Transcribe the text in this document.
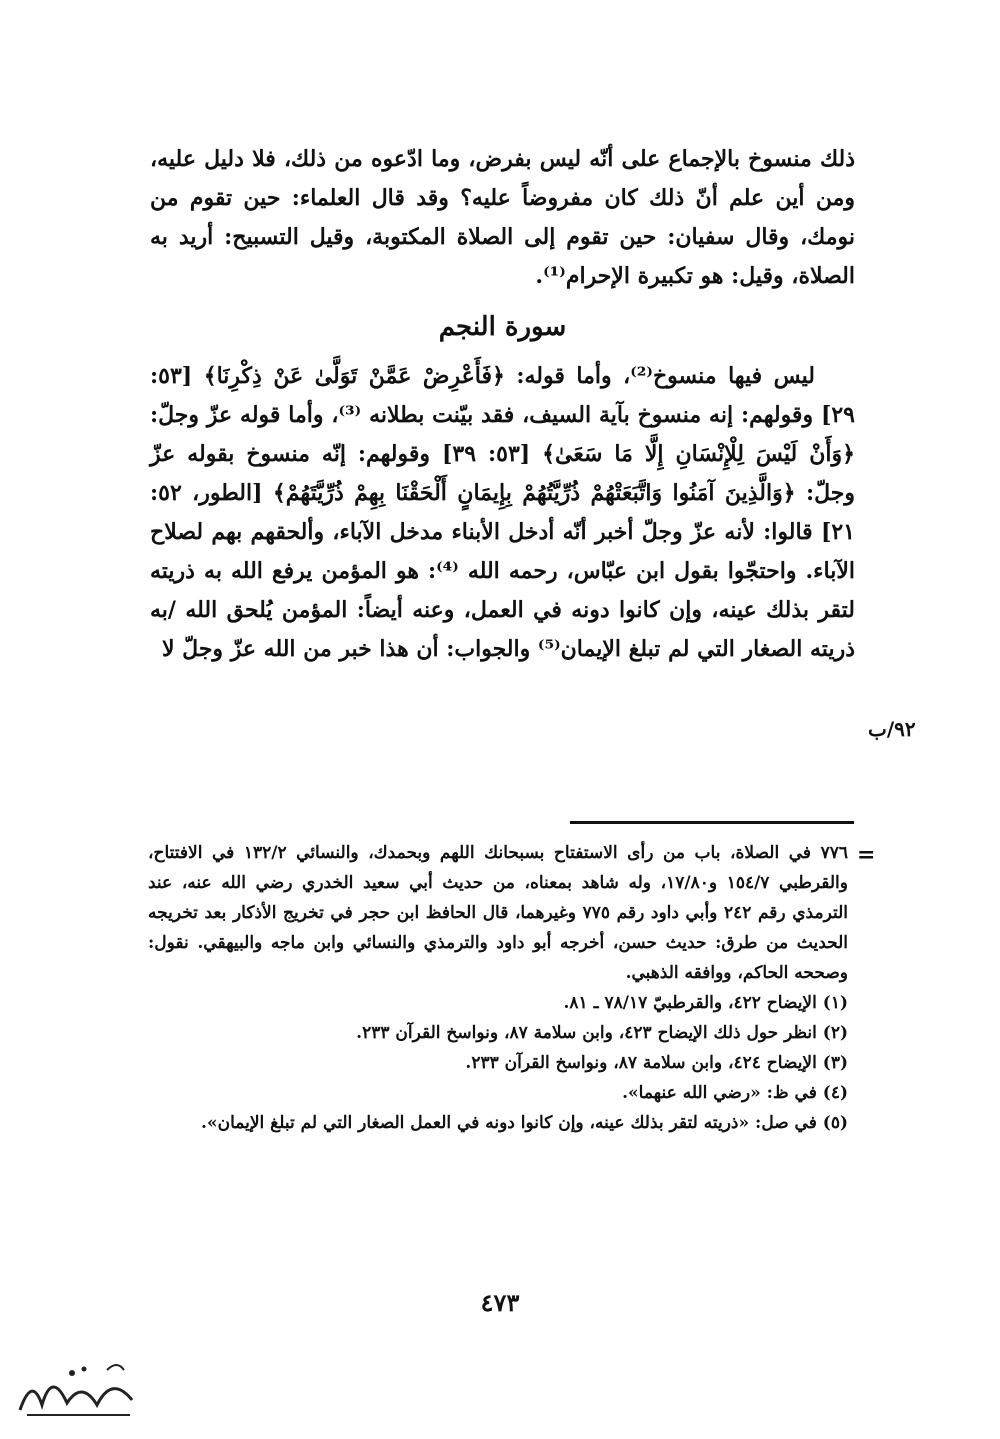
ذلك منسوخ بالإجماع على أنّه ليس بفرض، وما ادّعوه من ذلك، فلا دليل عليه، ومن أين علم أنّ ذلك كان مفروضاً عليه؟ وقد قال العلماء: حين تقوم من نومك، وقال سفيان: حين تقوم إلى الصلاة المكتوبة، وقيل التسبيح: أريد به الصلاة، وقيل: هو تكبيرة الإحرام⁽¹⁾.

سورة النجم

ليس فيها منسوخ⁽²⁾، وأما قوله: ﴿فَأَعْرِضْ عَمَّنْ تَوَلَّىٰ عَنْ ذِكْرِنَا﴾ [٥٣: ٢٩] وقولهم: إنه منسوخ بآية السيف، فقد بيّنت بطلانه ⁽³⁾، وأما قوله عزّ وجلّ: ﴿وَأَنْ لَيْسَ لِلْإِنْسَانِ إِلَّا مَا سَعَىٰ﴾ [٥٣: ٣٩] وقولهم: إنّه منسوخ بقوله عزّ وجلّ: ﴿وَالَّذِينَ آمَنُوا وَاتَّبَعَتْهُمْ ذُرِّيَّتُهُمْ بِإِيمَانٍ أَلْحَقْنَا بِهِمْ ذُرِّيَّتَهُمْ﴾ [الطور، ٥٢: ٢١] قالوا: لأنه عزّ وجلّ أخبر أنّه أدخل الأبناء مدخل الآباء، وألحقهم بهم لصلاح الآباء. واحتجّوا بقول ابن عبّاس، رحمه الله ⁽⁴⁾: هو المؤمن يرفع الله به ذريته لتقر بذلك عينه، وإن كانوا دونه في العمل، وعنه أيضاً: المؤمن يُلحق الله /به ذريته الصغار التي لم تبلغ الإيمان⁽⁵⁾ والجواب: أن هذا خبر من الله عزّ وجلّ لا

٩٢/ب
=

٧٧٦ في الصلاة، باب من رأى الاستفتاح بسبحانك اللهم وبحمدك، والنسائي ١٣٢/٢ في الافتتاح، والقرطبي ١٥٤/٧ و١٧/٨٠، وله شاهد بمعناه، من حديث أبي سعيد الخدري رضي الله عنه، عند الترمذي رقم ٢٤٢ وأبي داود رقم ٧٧٥ وغيرهما، قال الحافظ ابن حجر في تخريج الأذكار بعد تخريجه الحديث من طرق: حديث حسن، أخرجه أبو داود والترمذي والنسائي وابن ماجه والبيهقي. نقول: وصححه الحاكم، ووافقه الذهبي.

(١) الإيضاح ٤٢٢، والقرطبيّ ٧٨/١٧ ـ ٨١.

(٢) انظر حول ذلك الإيضاح ٤٢٣، وابن سلامة ٨٧، ونواسخ القرآن ٢٣٣.

(٣) الإيضاح ٤٢٤، وابن سلامة ٨٧، ونواسخ القرآن ٢٣٣.

(٤) في ظ: «رضي الله عنهما».

(٥) في صل: «ذريته لتقر بذلك عينه، وإن كانوا دونه في العمل الصغار التي لم تبلغ الإيمان».

٤٧٣
